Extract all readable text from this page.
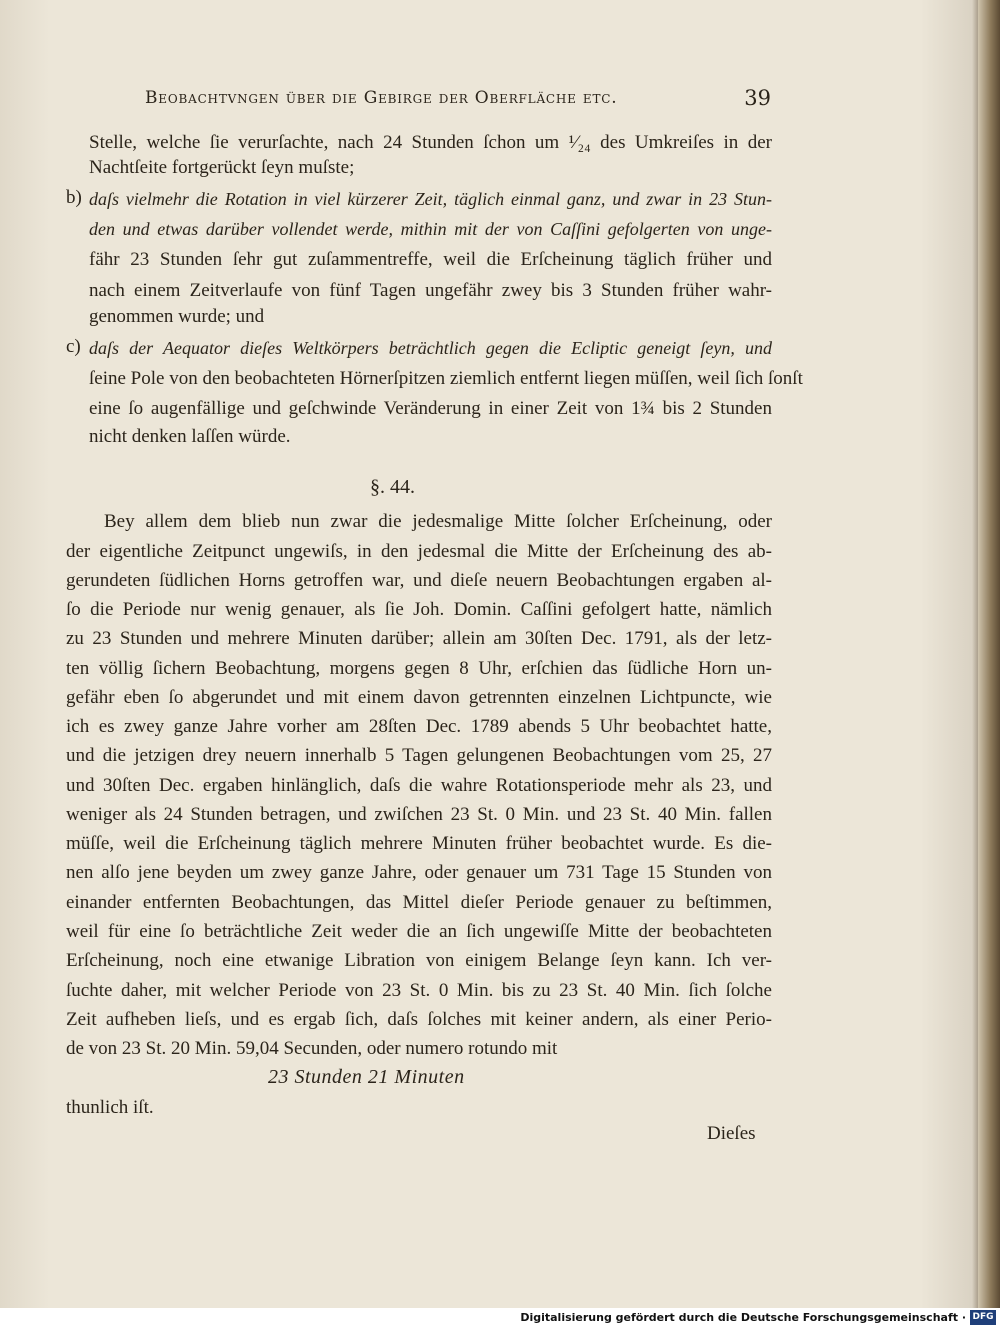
Beobachtvngen über die Gebirge der Oberfläche etc.	39
Stelle, welche ſie verurſachte, nach 24 Stunden ſchon um ¹⁄₂₄ des Umkreiſes in der
Nachtſeite fortgerückt ſeyn muſste;
b) daſs vielmehr die Rotation in viel kürzerer Zeit, täglich einmal ganz, und zwar in 23 Stun-
den und etwas darüber vollendet werde, mithin mit der von Caſſini gefolgerten von unge-
fähr 23 Stunden ſehr gut zuſammentreffe, weil die Erſcheinung täglich früher und
nach einem Zeitverlaufe von fünf Tagen ungefähr zwey bis 3 Stunden früher wahr-
genommen wurde; und
c) daſs der Aequator dieſes Weltkörpers beträchtlich gegen die Ecliptic geneigt ſeyn, und
ſeine Pole von den beobachteten Hörnerſpitzen ziemlich entfernt liegen müſſen, weil ſich ſonſt
eine ſo augenfällige und geſchwinde Veränderung in einer Zeit von 1¾ bis 2 Stunden
nicht denken laſſen würde.
§. 44.
Bey allem dem blieb nun zwar die jedesmalige Mitte ſolcher Erſcheinung, oder
der eigentliche Zeitpunct ungewiſs, in den jedesmal die Mitte der Erſcheinung des ab-
gerundeten ſüdlichen Horns getroffen war, und dieſe neuern Beobachtungen ergaben al-
ſo die Periode nur wenig genauer, als ſie Joh. Domin. Caſſini gefolgert hatte, nämlich
zu 23 Stunden und mehrere Minuten darüber; allein am 30ſten Dec. 1791, als der letz-
ten völlig ſichern Beobachtung, morgens gegen 8 Uhr, erſchien das ſüdliche Horn un-
gefähr eben ſo abgerundet und mit einem davon getrennten einzelnen Lichtpuncte, wie
ich es zwey ganze Jahre vorher am 28ſten Dec. 1789 abends 5 Uhr beobachtet hatte,
und die jetzigen drey neuern innerhalb 5 Tagen gelungenen Beobachtungen vom 25, 27
und 30ſten Dec. ergaben hinlänglich, daſs die wahre Rotationsperiode mehr als 23, und
weniger als 24 Stunden betragen, und zwiſchen 23 St. 0 Min. und 23 St. 40 Min. fallen
müſſe, weil die Erſcheinung täglich mehrere Minuten früher beobachtet wurde. Es die-
nen alſo jene beyden um zwey ganze Jahre, oder genauer um 731 Tage 15 Stunden von
einander entfernten Beobachtungen, das Mittel dieſer Periode genauer zu beſtimmen,
weil für eine ſo beträchtliche Zeit weder die an ſich ungewiſſe Mitte der beobachteten
Erſcheinung, noch eine etwanige Libration von einigem Belange ſeyn kann. Ich ver-
ſuchte daher, mit welcher Periode von 23 St. 0 Min. bis zu 23 St. 40 Min. ſich ſolche
Zeit aufheben lieſs, und es ergab ſich, daſs ſolches mit keiner andern, als einer Perio-
de von 23 St. 20 Min. 59,04 Secunden, oder numero rotundo mit
23 Stunden 21 Minuten
thunlich iſt.
Dieſes
Digitalisierung gefördert durch die Deutsche Forschungsgemeinschaft · DFG
